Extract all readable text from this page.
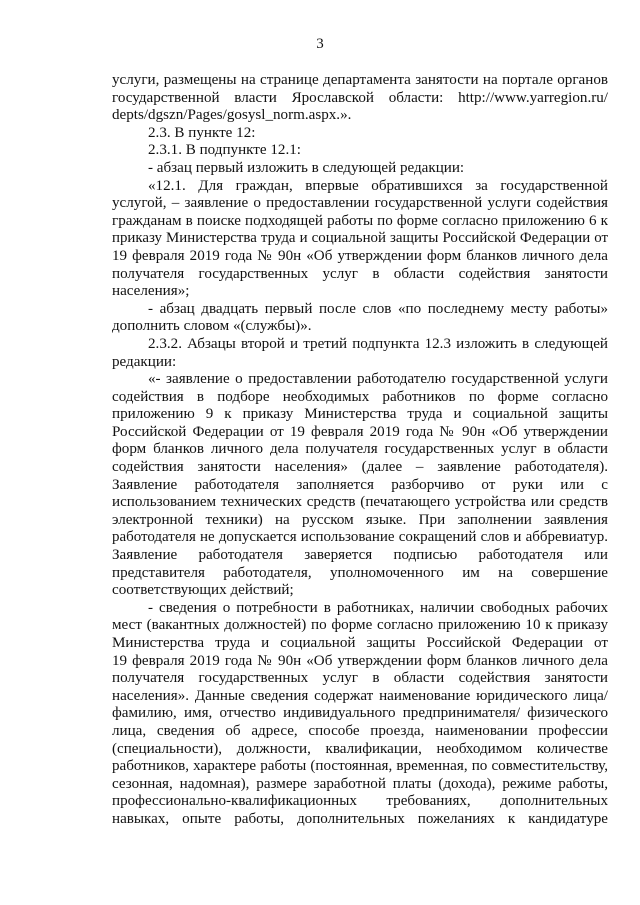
3
услуги, размещены на странице департамента занятости на портале органов
государственной власти Ярославской области: http://www.yarregion.ru/
depts/dgszn/Pages/gosysl_norm.aspx.».
2.3. В пункте 12:
2.3.1. В подпункте 12.1:
- абзац первый изложить в следующей редакции:
«12.1. Для граждан, впервые обратившихся за государственной
услугой, – заявление о предоставлении государственной услуги содействия
гражданам в поиске подходящей работы по форме согласно приложению 6 к
приказу Министерства труда и социальной защиты Российской Федерации от
19 февраля 2019 года № 90н «Об утверждении форм бланков личного дела
получателя государственных услуг в области содействия занятости
населения»;
- абзац двадцать первый после слов «по последнему месту работы»
дополнить словом «(службы)».
2.3.2. Абзацы второй и третий подпункта 12.3 изложить в следующей
редакции:
«- заявление о предоставлении работодателю государственной услуги
содействия в подборе необходимых работников по форме согласно
приложению 9 к приказу Министерства труда и социальной защиты
Российской Федерации от 19 февраля 2019 года № 90н «Об утверждении
форм бланков личного дела получателя государственных услуг в области
содействия занятости населения» (далее – заявление работодателя).
Заявление работодателя заполняется разборчиво от руки или с
использованием технических средств (печатающего устройства или средств
электронной техники) на русском языке. При заполнении заявления
работодателя не допускается использование сокращений слов и аббревиатур.
Заявление работодателя заверяется подписью работодателя или
представителя работодателя, уполномоченного им на совершение
соответствующих действий;
- сведения о потребности в работниках, наличии свободных рабочих
мест (вакантных должностей) по форме согласно приложению 10 к приказу
Министерства труда и социальной защиты Российской Федерации от
19 февраля 2019 года № 90н «Об утверждении форм бланков личного дела
получателя государственных услуг в области содействия занятости
населения». Данные сведения содержат наименование юридического лица/
фамилию, имя, отчество индивидуального предпринимателя/ физического
лица, сведения об адресе, способе проезда, наименовании профессии
(специальности), должности, квалификации, необходимом количестве
работников, характере работы (постоянная, временная, по совместительству,
сезонная, надомная), размере заработной платы (дохода), режиме работы,
профессионально-квалификационных требованиях, дополнительных
навыках, опыте работы, дополнительных пожеланиях к кандидатуре
